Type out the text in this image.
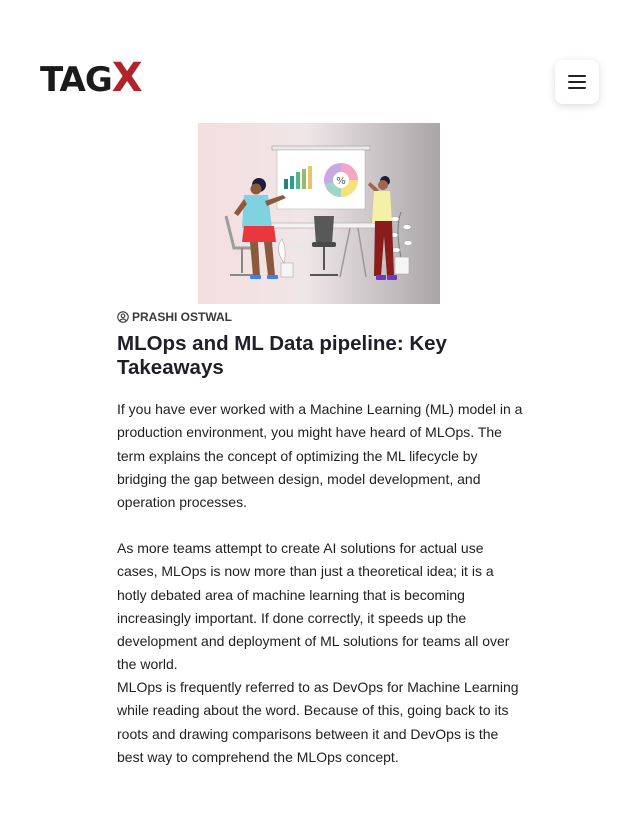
TAGX
%
PRASHI OSTWAL
MLOps and ML Data pipeline: Key Takeaways

If you have ever worked with a Machine Learning (ML) model in a production environment, you might have heard of MLOps. The term explains the concept of optimizing the ML lifecycle by bridging the gap between design, model development, and operation processes.

As more teams attempt to create AI solutions for actual use cases, MLOps is now more than just a theoretical idea; it is a hotly debated area of machine learning that is becoming increasingly important. If done correctly, it speeds up the development and deployment of ML solutions for teams all over the world.

MLOps is frequently referred to as DevOps for Machine Learning while reading about the word. Because of this, going back to its roots and drawing comparisons between it and DevOps is the best way to comprehend the MLOps concept.
